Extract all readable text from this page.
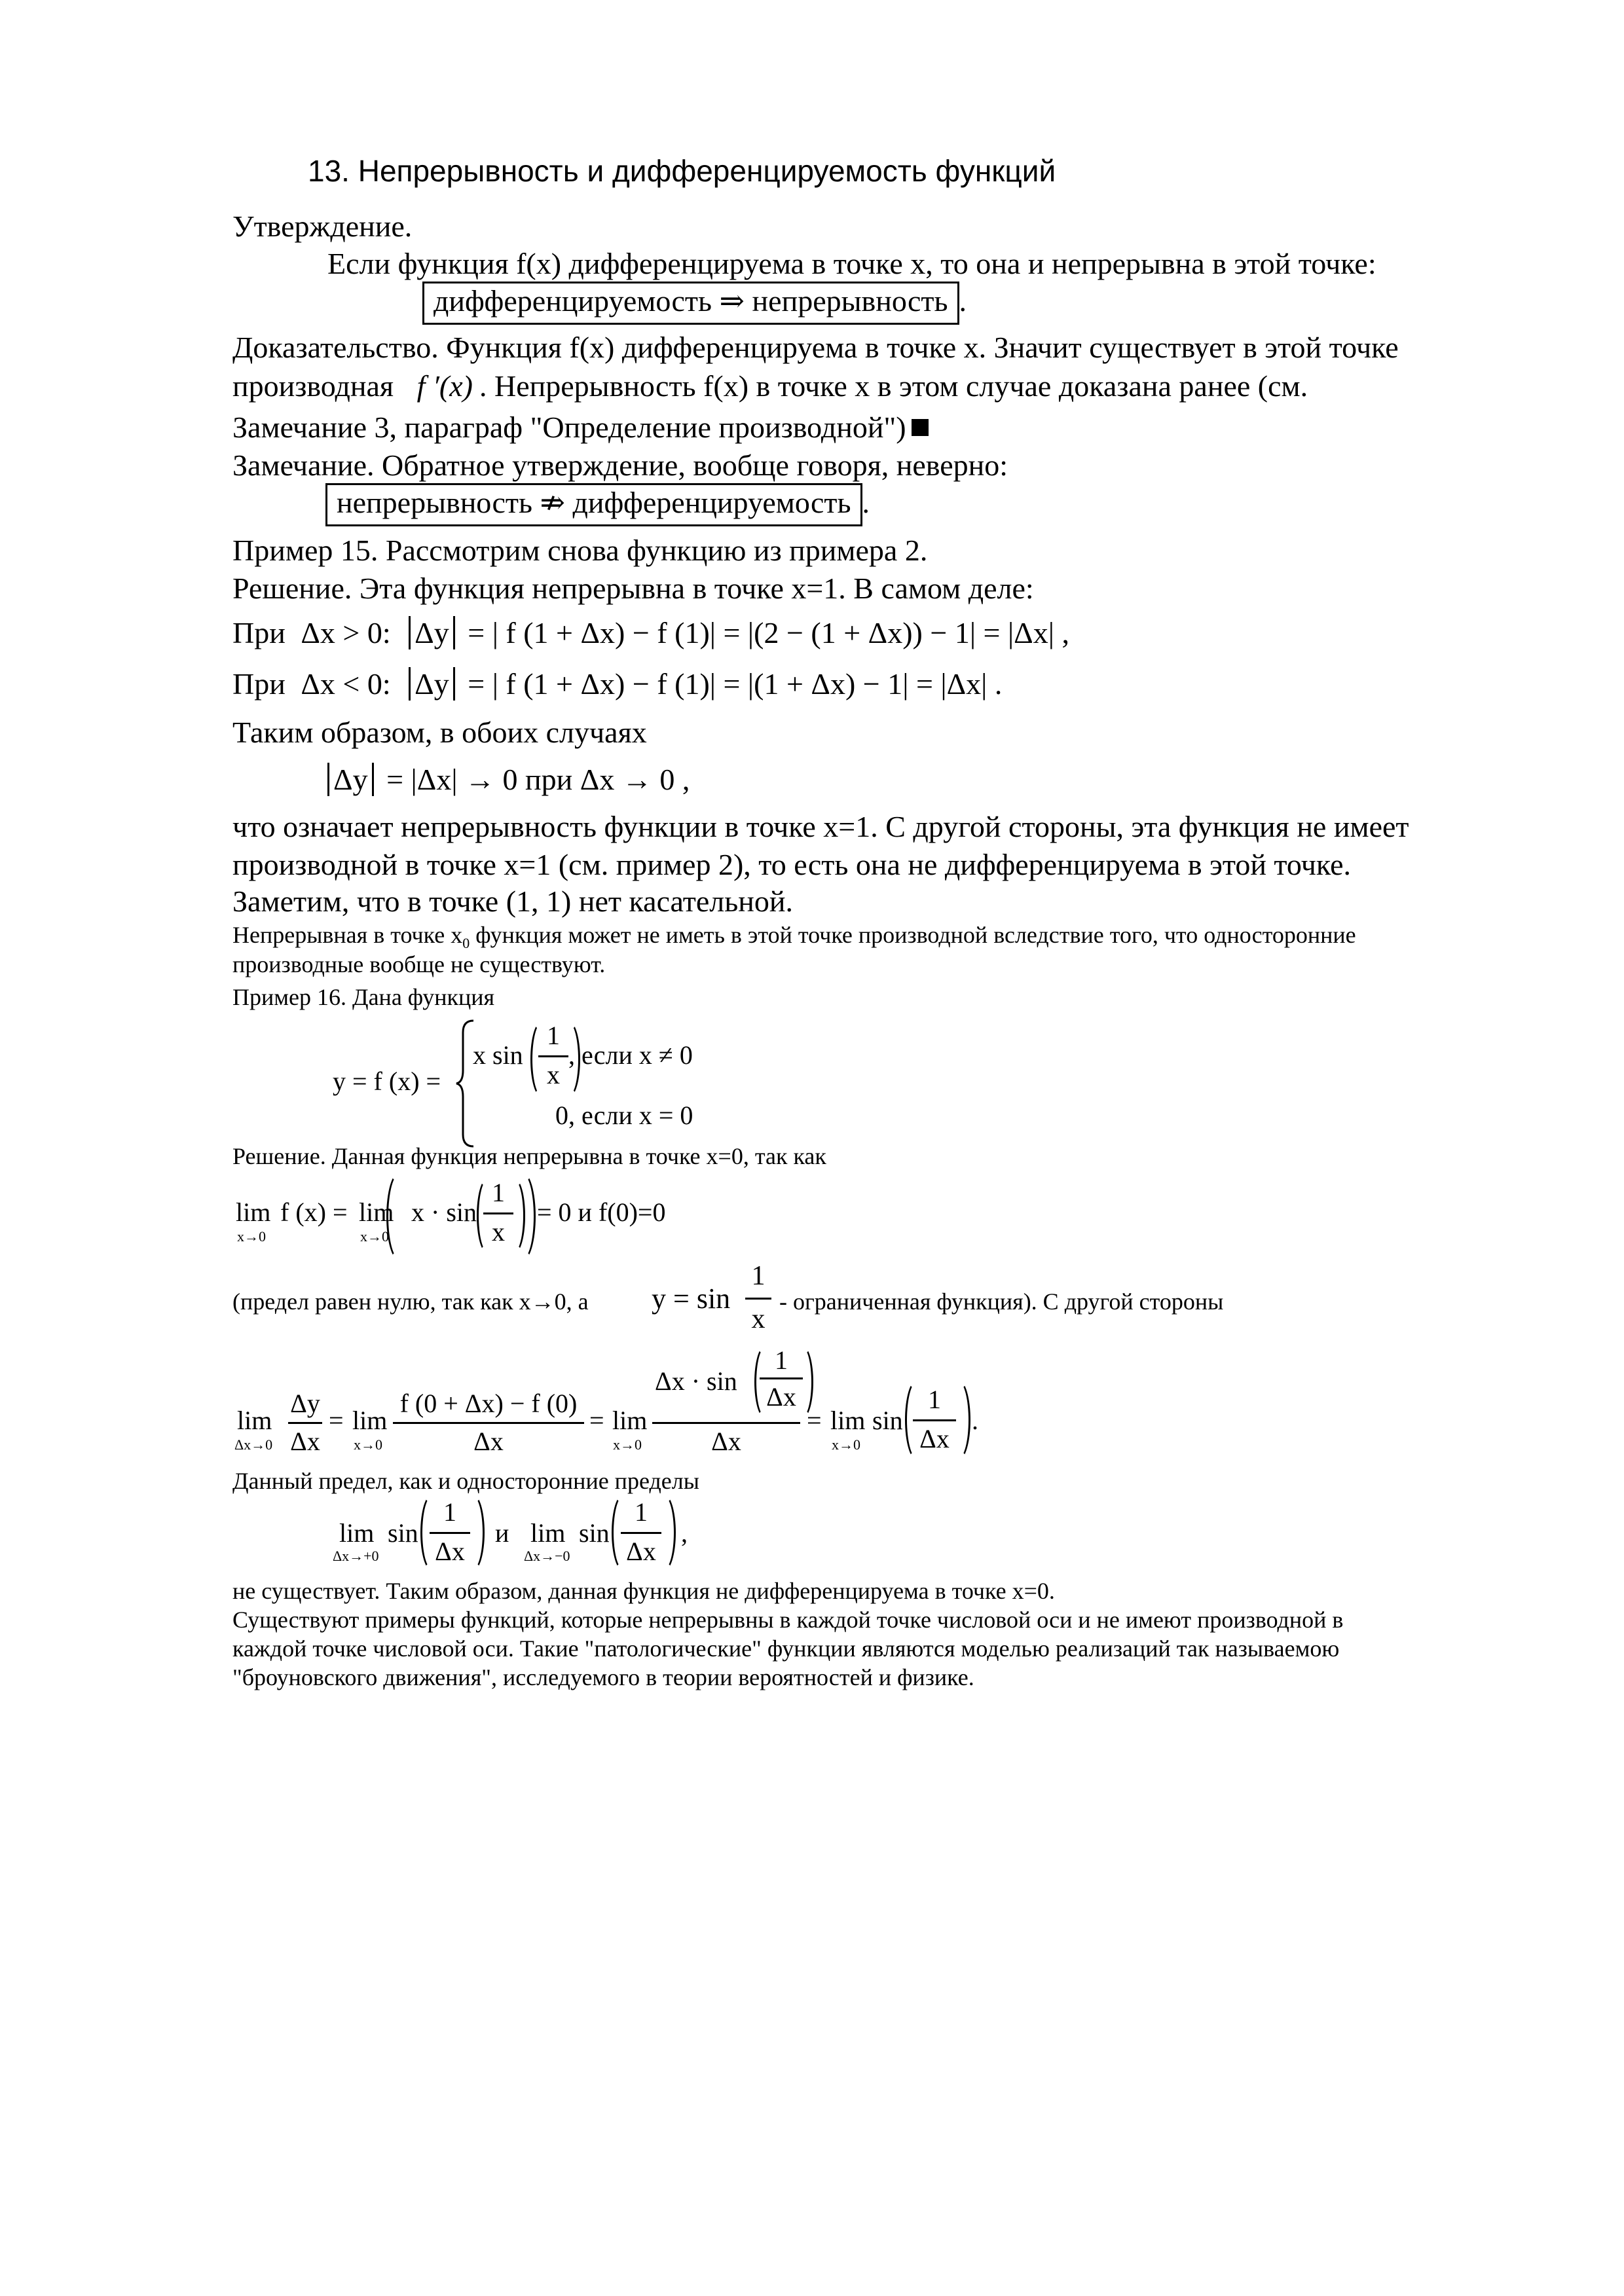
13. Непрерывность и дифференцируемость функций
Утверждение.
Если функция f(x) дифференцируема в точке x, то она и непрерывна в этой точке:
дифференцируемость ⇒ непрерывность .
Доказательство. Функция f(x) дифференцируема в точке x. Значит существует в этой точке
производная f ′(x) . Непрерывность f(x) в точке x в этом случае доказана ранее (см.
Замечание 3, параграф "Определение производной")
Замечание. Обратное утверждение, вообще говоря, неверно:
непрерывность ⇏ дифференцируемость .
Пример 15. Рассмотрим снова функцию из примера 2.
Решение. Эта функция непрерывна в точке x=1. В самом деле:
При Δx > 0: Δy = | f (1 + Δx) − f (1)| = |(2 − (1 + Δx)) − 1| = |Δx| ,
При Δx < 0: Δy = | f (1 + Δx) − f (1)| = |(1 + Δx) − 1| = |Δx| .
Таким образом, в обоих случаях
Δy = |Δx| → 0 при Δx → 0 ,
что означает непрерывность функции в точке x=1. С другой стороны, эта функция не имеет
производной в точке x=1 (см. пример 2), то есть она не дифференцируема в этой точке.
Заметим, что в точке (1, 1) нет касательной.
Непрерывная в точке $x_0$ функция может не иметь в этой точке производной вследствие того, что односторонние
производные вообще не существуют.
Пример 16. Дана функция
y = f (x) =
x sin
1
x
, если x ≠ 0
0, если x = 0
Решение. Данная функция непрерывна в точке x=0, так как
lim
x→0
f (x) = lim
x→0
x · sin
1
x
= 0 и f(0)=0
(предел равен нулю, так как x→0, а y = sin
1
x
- ограниченная функция). С другой стороны
lim
Δx→0
Δy
Δx
= lim
x→0
f (0 + Δx) − f (0)
Δx
= lim
x→0
Δx · sin
1
Δx
Δx
= lim
x→0
sin
1
Δx
.
Данный предел, как и односторонние пределы
lim
Δx→+0
sin
1
Δx
и lim
Δx→−0
sin
1
Δx
,
не существует. Таким образом, данная функция не дифференцируема в точке x=0.
Существуют примеры функций, которые непрерывны в каждой точке числовой оси и не имеют производной в
каждой точке числовой оси. Такие "патологические" функции являются моделью реализаций так называемою
"броуновского движения", исследуемого в теории вероятностей и физике.
